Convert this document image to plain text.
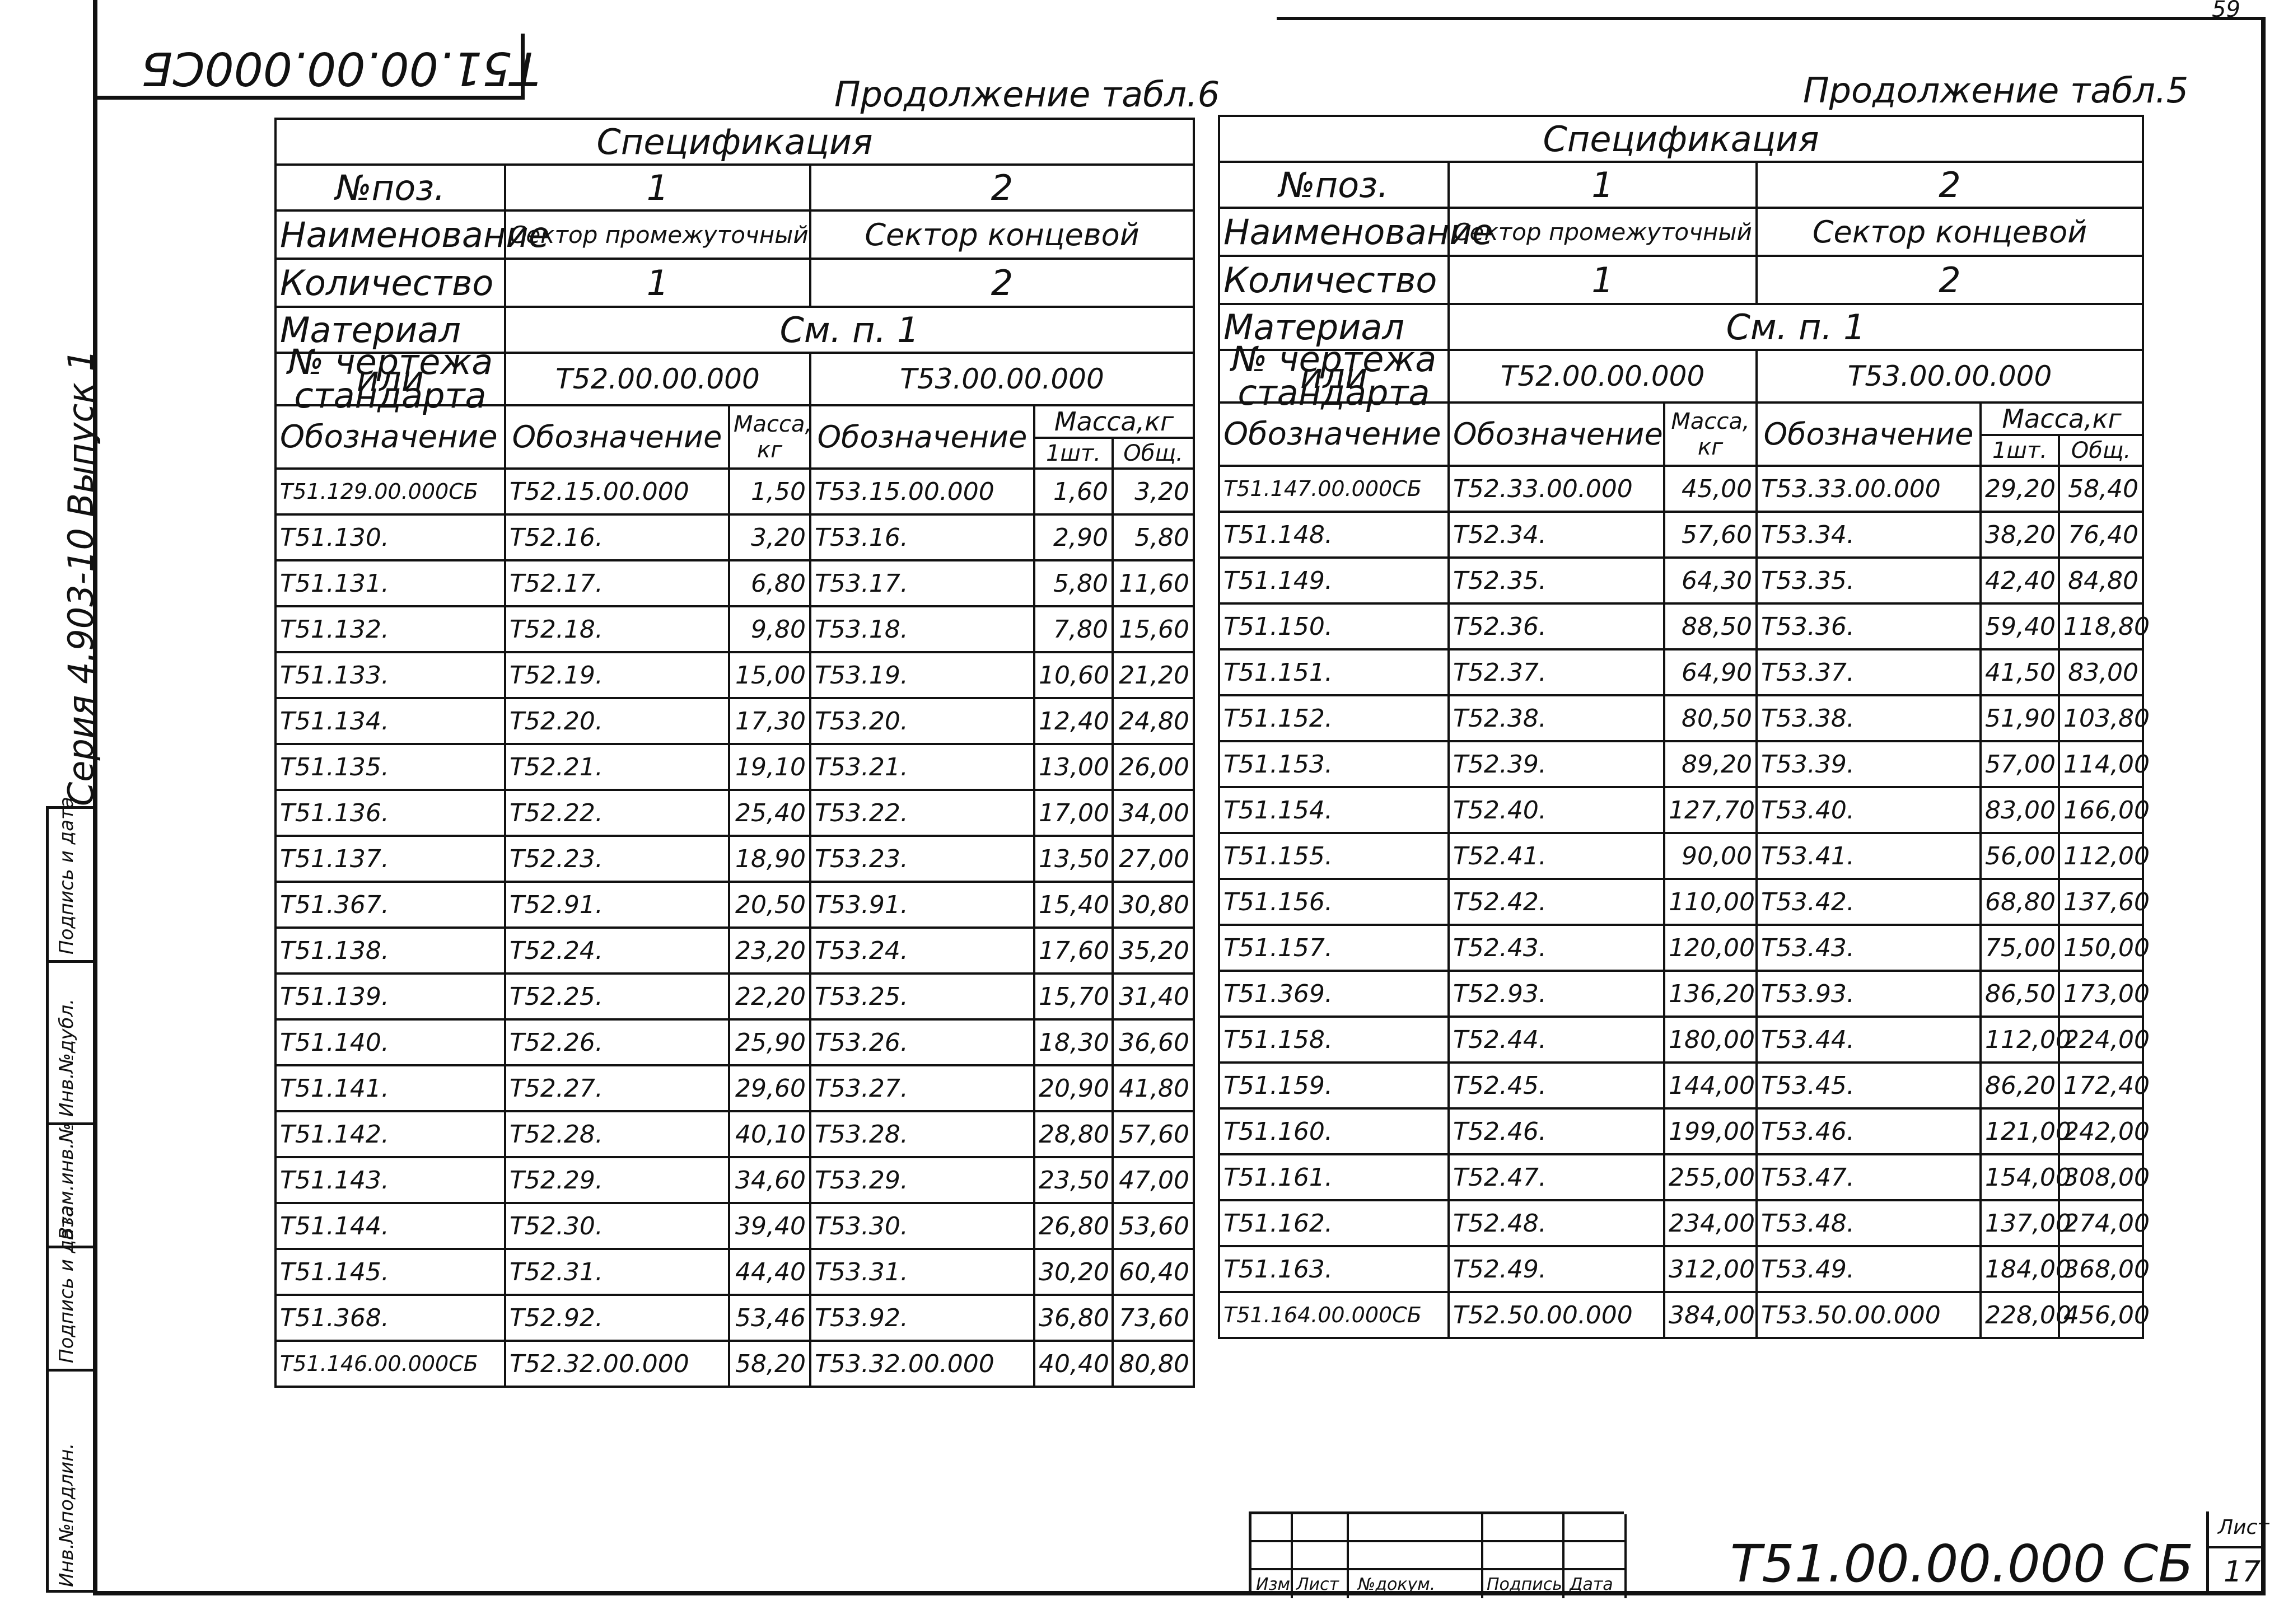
59
Т51.00.00.000СБ	Продолжение табл.6	Продолжение табл.5
Спецификация					
№поз.	1		2		
Наименование	Сектор промежуточный		Сектор концевой		
Количество	1		2		
Материал	См. п. 1				
№ чертежа или стандарта	Т52.00.00.000		Т53.00.00.000		
Обозначение	Обозначение	Масса, кг	Обозначение	Масса,кг	
				1шт.	Общ.
Т51.129.00.000СБ	Т52.15.00.000	1,50	Т53.15.00.000	1,60	3,20
Т51.130.	Т52.16.	3,20	Т53.16.	2,90	5,80
Т51.131.	Т52.17.	6,80	Т53.17.	5,80	11,60
Т51.132.	Т52.18.	9,80	Т53.18.	7,80	15,60
Т51.133.	Т52.19.	15,00	Т53.19.	10,60	21,20
Т51.134.	Т52.20.	17,30	Т53.20.	12,40	24,80
Т51.135.	Т52.21.	19,10	Т53.21.	13,00	26,00
Т51.136.	Т52.22.	25,40	Т53.22.	17,00	34,00
Т51.137.	Т52.23.	18,90	Т53.23.	13,50	27,00
Т51.367.	Т52.91.	20,50	Т53.91.	15,40	30,80
Т51.138.	Т52.24.	23,20	Т53.24.	17,60	35,20
Т51.139.	Т52.25.	22,20	Т53.25.	15,70	31,40
Т51.140.	Т52.26.	25,90	Т53.26.	18,30	36,60
Т51.141.	Т52.27.	29,60	Т53.27.	20,90	41,80
Т51.142.	Т52.28.	40,10	Т53.28.	28,80	57,60
Т51.143.	Т52.29.	34,60	Т53.29.	23,50	47,00
Т51.144.	Т52.30.	39,40	Т53.30.	26,80	53,60
Т51.145.	Т52.31.	44,40	Т53.31.	30,20	60,40
Т51.368.	Т52.92.	53,46	Т53.92.	36,80	73,60
Т51.146.00.000СБ	Т52.32.00.000	58,20	Т53.32.00.000	40,40	80,80
Спецификация					
№поз.	1		2		
Наименование	Сектор промежуточный		Сектор концевой		
Количество	1		2		
Материал	См. п. 1				
№ чертежа или стандарта	Т52.00.00.000		Т53.00.00.000		
Обозначение	Обозначение	Масса, кг	Обозначение	Масса,кг	
				1шт.	Общ.
Т51.147.00.000СБ	Т52.33.00.000	45,00	Т53.33.00.000	29,20	58,40
Т51.148.	Т52.34.	57,60	Т53.34.	38,20	76,40
Т51.149.	Т52.35.	64,30	Т53.35.	42,40	84,80
Т51.150.	Т52.36.	88,50	Т53.36.	59,40	118,80
Т51.151.	Т52.37.	64,90	Т53.37.	41,50	83,00
Т51.152.	Т52.38.	80,50	Т53.38.	51,90	103,80
Т51.153.	Т52.39.	89,20	Т53.39.	57,00	114,00
Т51.154.	Т52.40.	127,70	Т53.40.	83,00	166,00
Т51.155.	Т52.41.	90,00	Т53.41.	56,00	112,00
Т51.156.	Т52.42.	110,00	Т53.42.	68,80	137,60
Т51.157.	Т52.43.	120,00	Т53.43.	75,00	150,00
Т51.369.	Т52.93.	136,20	Т53.93.	86,50	173,00
Т51.158.	Т52.44.	180,00	Т53.44.	112,00	224,00
Т51.159.	Т52.45.	144,00	Т53.45.	86,20	172,40
Т51.160.	Т52.46.	199,00	Т53.46.	121,00	242,00
Т51.161.	Т52.47.	255,00	Т53.47.	154,00	308,00
Т51.162.	Т52.48.	234,00	Т53.48.	137,00	274,00
Т51.163.	Т52.49.	312,00	Т53.49.	184,00	368,00
Т51.164.00.000СБ	Т52.50.00.000	384,00	Т53.50.00.000	228,00	456,00
Серия 4.903-10 Выпуск 1
Подпись и дата
Инв.№дубл.
Взам.инв.№
Подпись и дата
Инв.№подлин.	Изм Лист №докум.	Подпись Дата Т51.00.00.000 СБ
Лист
17
